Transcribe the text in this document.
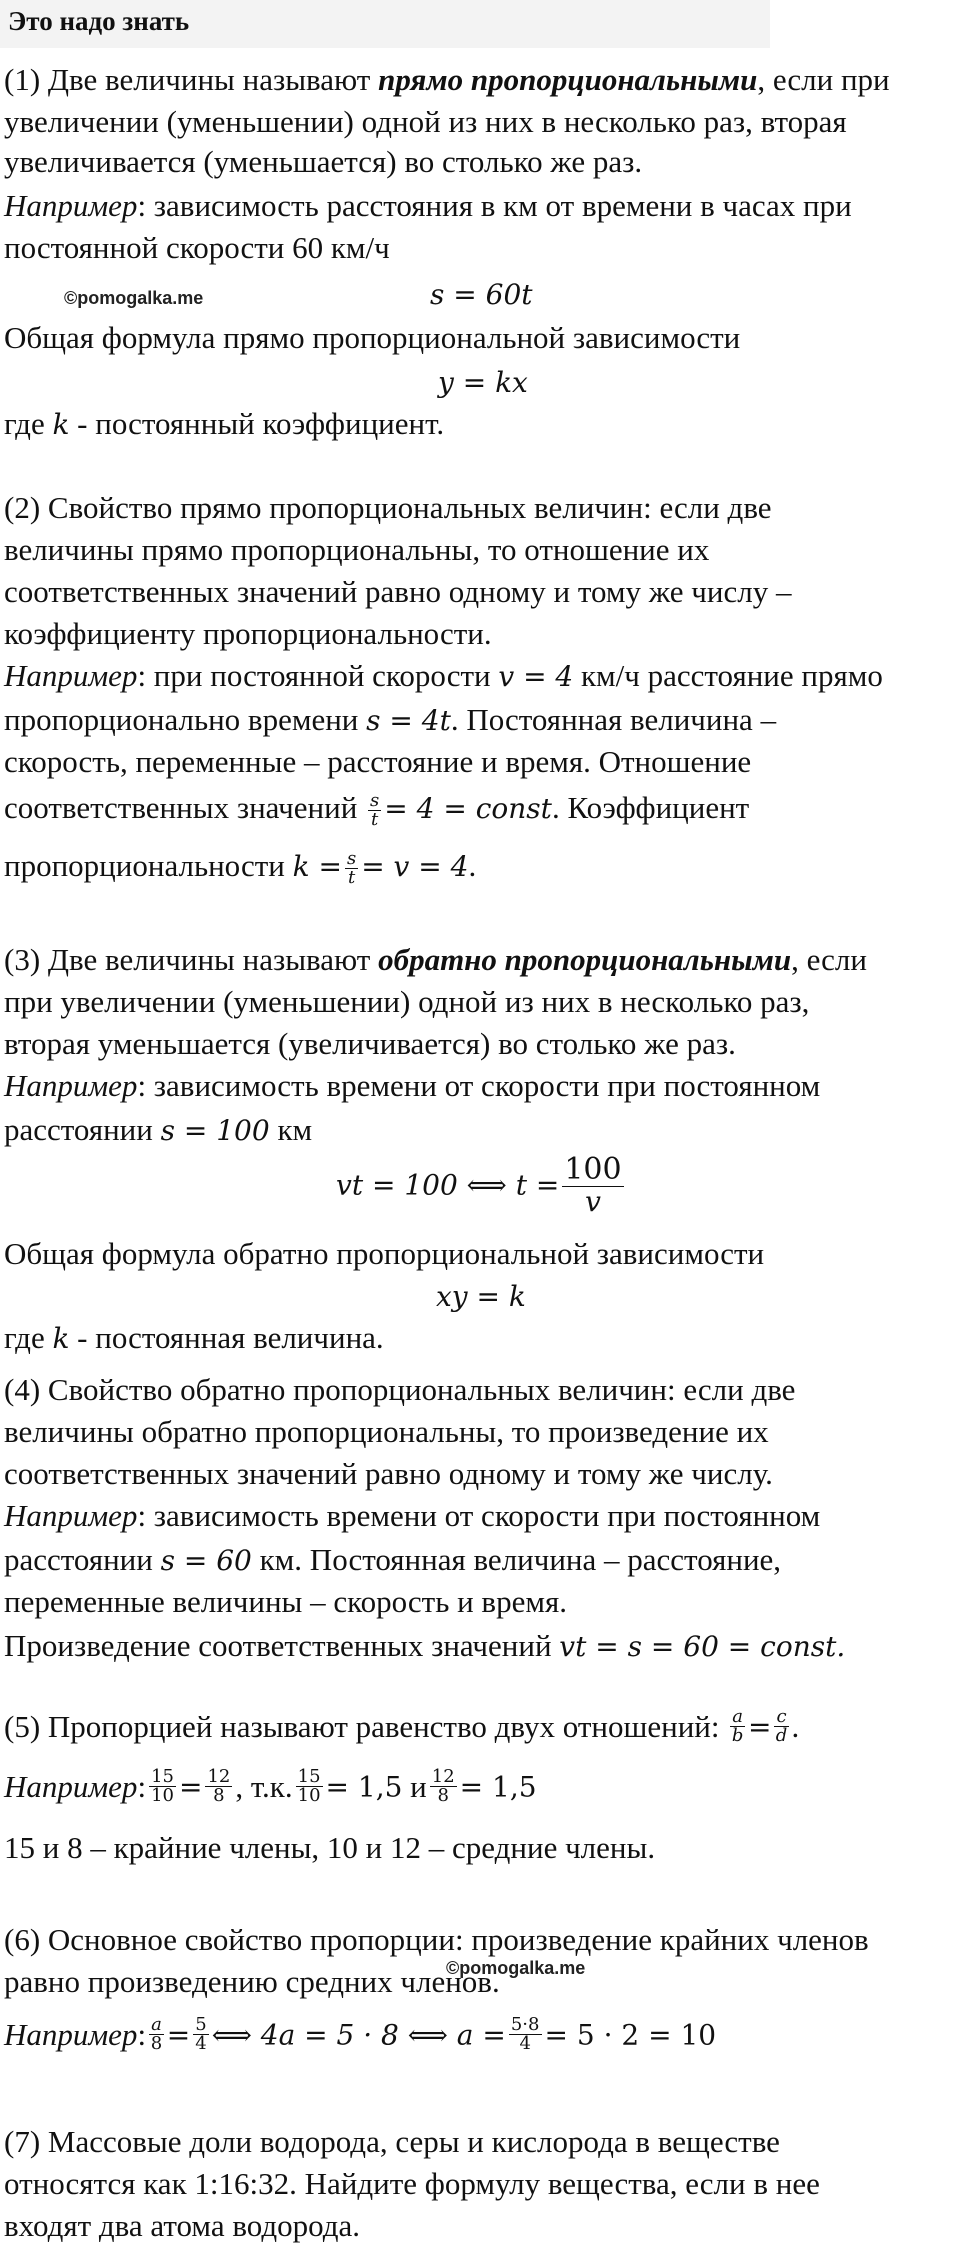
Это надо знать
(1) Две величины называют прямо пропорциональными, если при
увеличении (уменьшении) одной из них в несколько раз, вторая
увеличивается (уменьшается) во столько же раз.
Например: зависимость расстояния в км от времени в часах при
постоянной скорости 60 км/ч
©pomogalka.me	s = 60t
Общая формула прямо пропорциональной зависимости
y = kx
где k - постоянный коэффициент.
(2) Свойство прямо пропорциональных величин: если две
величины прямо пропорциональны, то отношение их
соответственных значений равно одному и тому же числу –
коэффициенту пропорциональности.
Например: при постоянной скорости v = 4 км/ч расстояние прямо
пропорционально времени s = 4t. Постоянная величина –
скорость, переменные – расстояние и время. Отношение
соответственных значений $\frac{s}{t} = 4$ = const. Коэффициент
пропорциональности $k = \frac{s}{t} = v = 4$.
(3) Две величины называют обратно пропорциональными, если
при увеличении (уменьшении) одной из них в несколько раз,
вторая уменьшается (увеличивается) во столько же раз.
Например: зависимость времени от скорости при постоянном
расстоянии s = 100 км
vt = 100 ⟺ $t = \frac{100}{v}$
Общая формула обратно пропорциональной зависимости
xy = k
где k - постоянная величина.
(4) Свойство обратно пропорциональных величин: если две
величины обратно пропорциональны, то произведение их
соответственных значений равно одному и тому же числу.
Например: зависимость времени от скорости при постоянном
расстоянии s = 60 км. Постоянная величина – расстояние,
переменные величины – скорость и время.
Произведение соответственных значений vt = s = 60 = const.
(5) Пропорцией называют равенство двух отношений: $\frac{a}{b} = \frac{c}{d}$ .
Например: $\frac{15}{10} = \frac{12}{8}$ , т.к. $\frac{15}{10} = 1,5$ и $\frac{12}{8} = 1,5$
15 и 8 – крайние члены, 10 и 12 – средние члены.
(6) Основное свойство пропорции: произведение крайних членов
©pomogalka.me
равно произведению средних членов.
Например: $\frac{a}{8} = \frac{5}{4}$ ⟺ 4a = 5 · 8 ⟺ $a = \frac{5\cdot 8}{4} = 5 \cdot 2 = 10$
(7) Массовые доли водорода, серы и кислорода в веществе
относятся как 1:16:32. Найдите формулу вещества, если в нее
входят два атома водорода.
